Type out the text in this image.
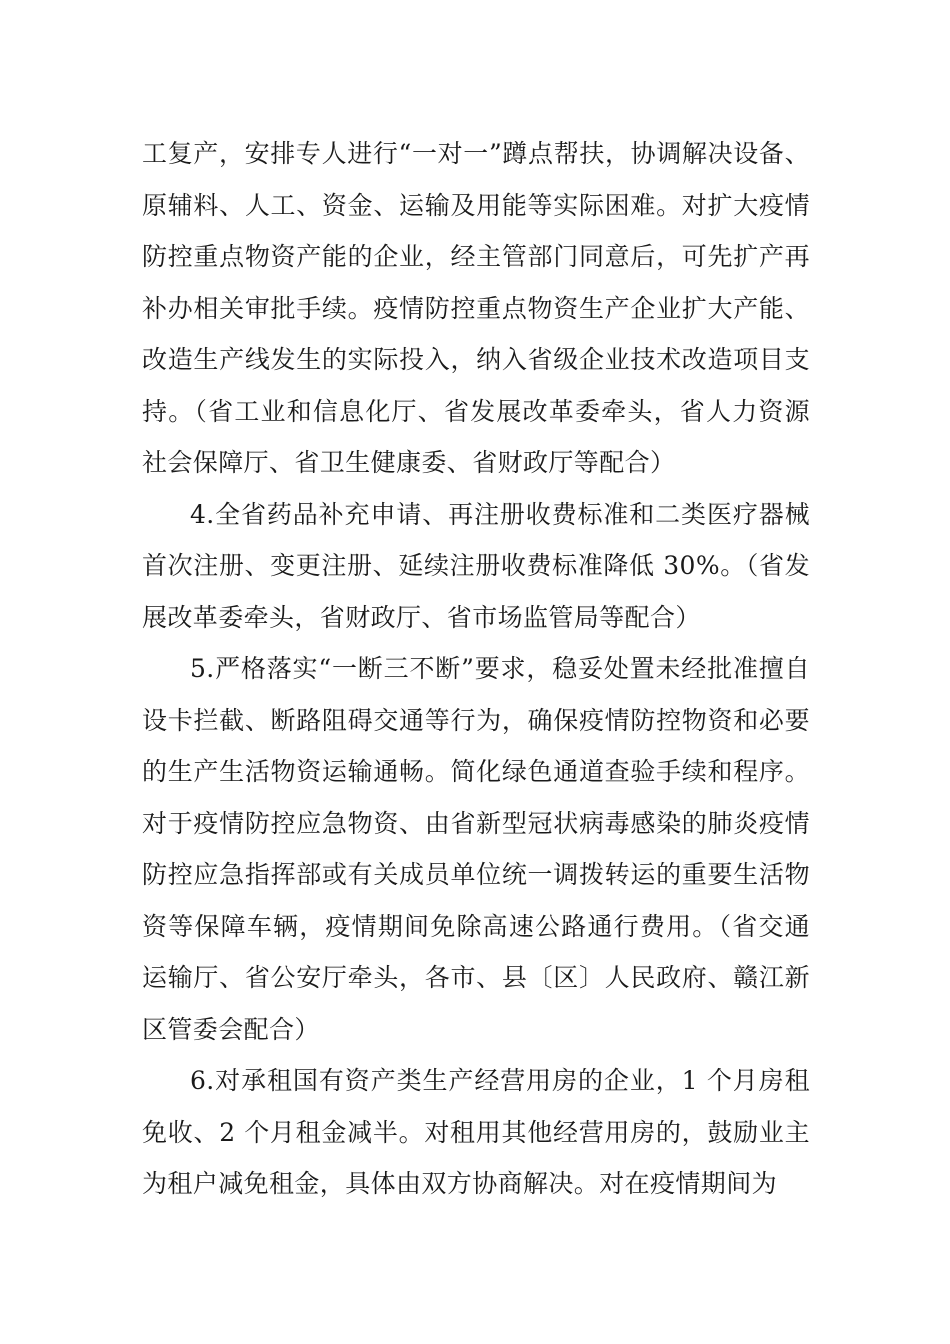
工复产，安排专人进行“一对一”蹲点帮扶，协调解决设备、原辅料、人工、资金、运输及用能等实际困难。对扩大疫情防控重点物资产能的企业，经主管部门同意后，可先扩产再补办相关审批手续。疫情防控重点物资生产企业扩大产能、改造生产线发生的实际投入，纳入省级企业技术改造项目支持。（省工业和信息化厅、省发展改革委牵头，省人力资源社会保障厅、省卫生健康委、省财政厅等配合）

4.全省药品补充申请、再注册收费标准和二类医疗器械首次注册、变更注册、延续注册收费标准降低 30%。（省发展改革委牵头，省财政厅、省市场监管局等配合）

5.严格落实“一断三不断”要求，稳妥处置未经批准擅自设卡拦截、断路阻碍交通等行为，确保疫情防控物资和必要的生产生活物资运输通畅。简化绿色通道查验手续和程序。对于疫情防控应急物资、由省新型冠状病毒感染的肺炎疫情防控应急指挥部或有关成员单位统一调拨转运的重要生活物资等保障车辆，疫情期间免除高速公路通行费用。（省交通运输厅、省公安厅牵头，各市、县〔区〕人民政府、赣江新区管委会配合）

6.对承租国有资产类生产经营用房的企业，1 个月房租免收、2 个月租金减半。对租用其他经营用房的，鼓励业主为租户减免租金，具体由双方协商解决。对在疫情期间为
